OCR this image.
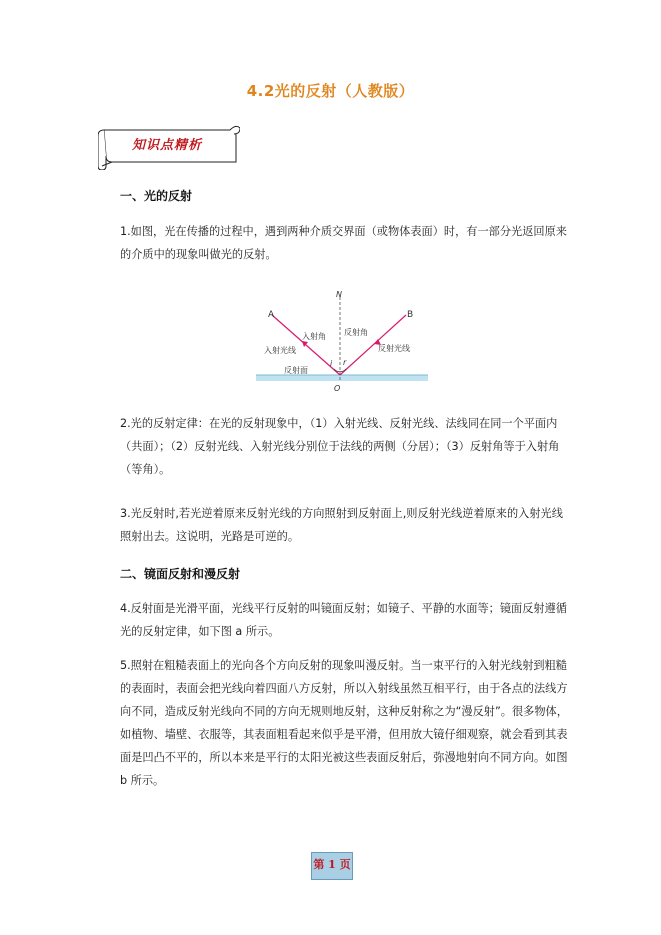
4.2光的反射（人教版）
知识点精析
一、光的反射
1.如图，光在传播的过程中，遇到两种介质交界面（或物体表面）时，有一部分光返回原来的介质中的现象叫做光的反射。
N
A	B
O
i r
入射角 反射角
入射光线	反射光线
反射面
2.光的反射定律：在光的反射现象中，（1）入射光线、反射光线、法线同在同一个平面内（共面）；（2）反射光线、入射光线分别位于法线的两侧（分居）；（3）反射角等于入射角（等角）。
3.光反射时,若光逆着原来反射光线的方向照射到反射面上,则反射光线逆着原来的入射光线照射出去。这说明，光路是可逆的。
二、镜面反射和漫反射
4.反射面是光滑平面，光线平行反射的叫镜面反射；如镜子、平静的水面等；镜面反射遵循光的反射定律，如下图 a 所示。
5.照射在粗糙表面上的光向各个方向反射的现象叫漫反射。当一束平行的入射光线射到粗糙的表面时，表面会把光线向着四面八方反射，所以入射线虽然互相平行，由于各点的法线方向不同，造成反射光线向不同的方向无规则地反射，这种反射称之为“漫反射”。很多物体，如植物、墙壁、衣服等，其表面粗看起来似乎是平滑，但用放大镜仔细观察，就会看到其表面是凹凸不平的，所以本来是平行的太阳光被这些表面反射后，弥漫地射向不同方向。如图 b 所示。
第 1 页
